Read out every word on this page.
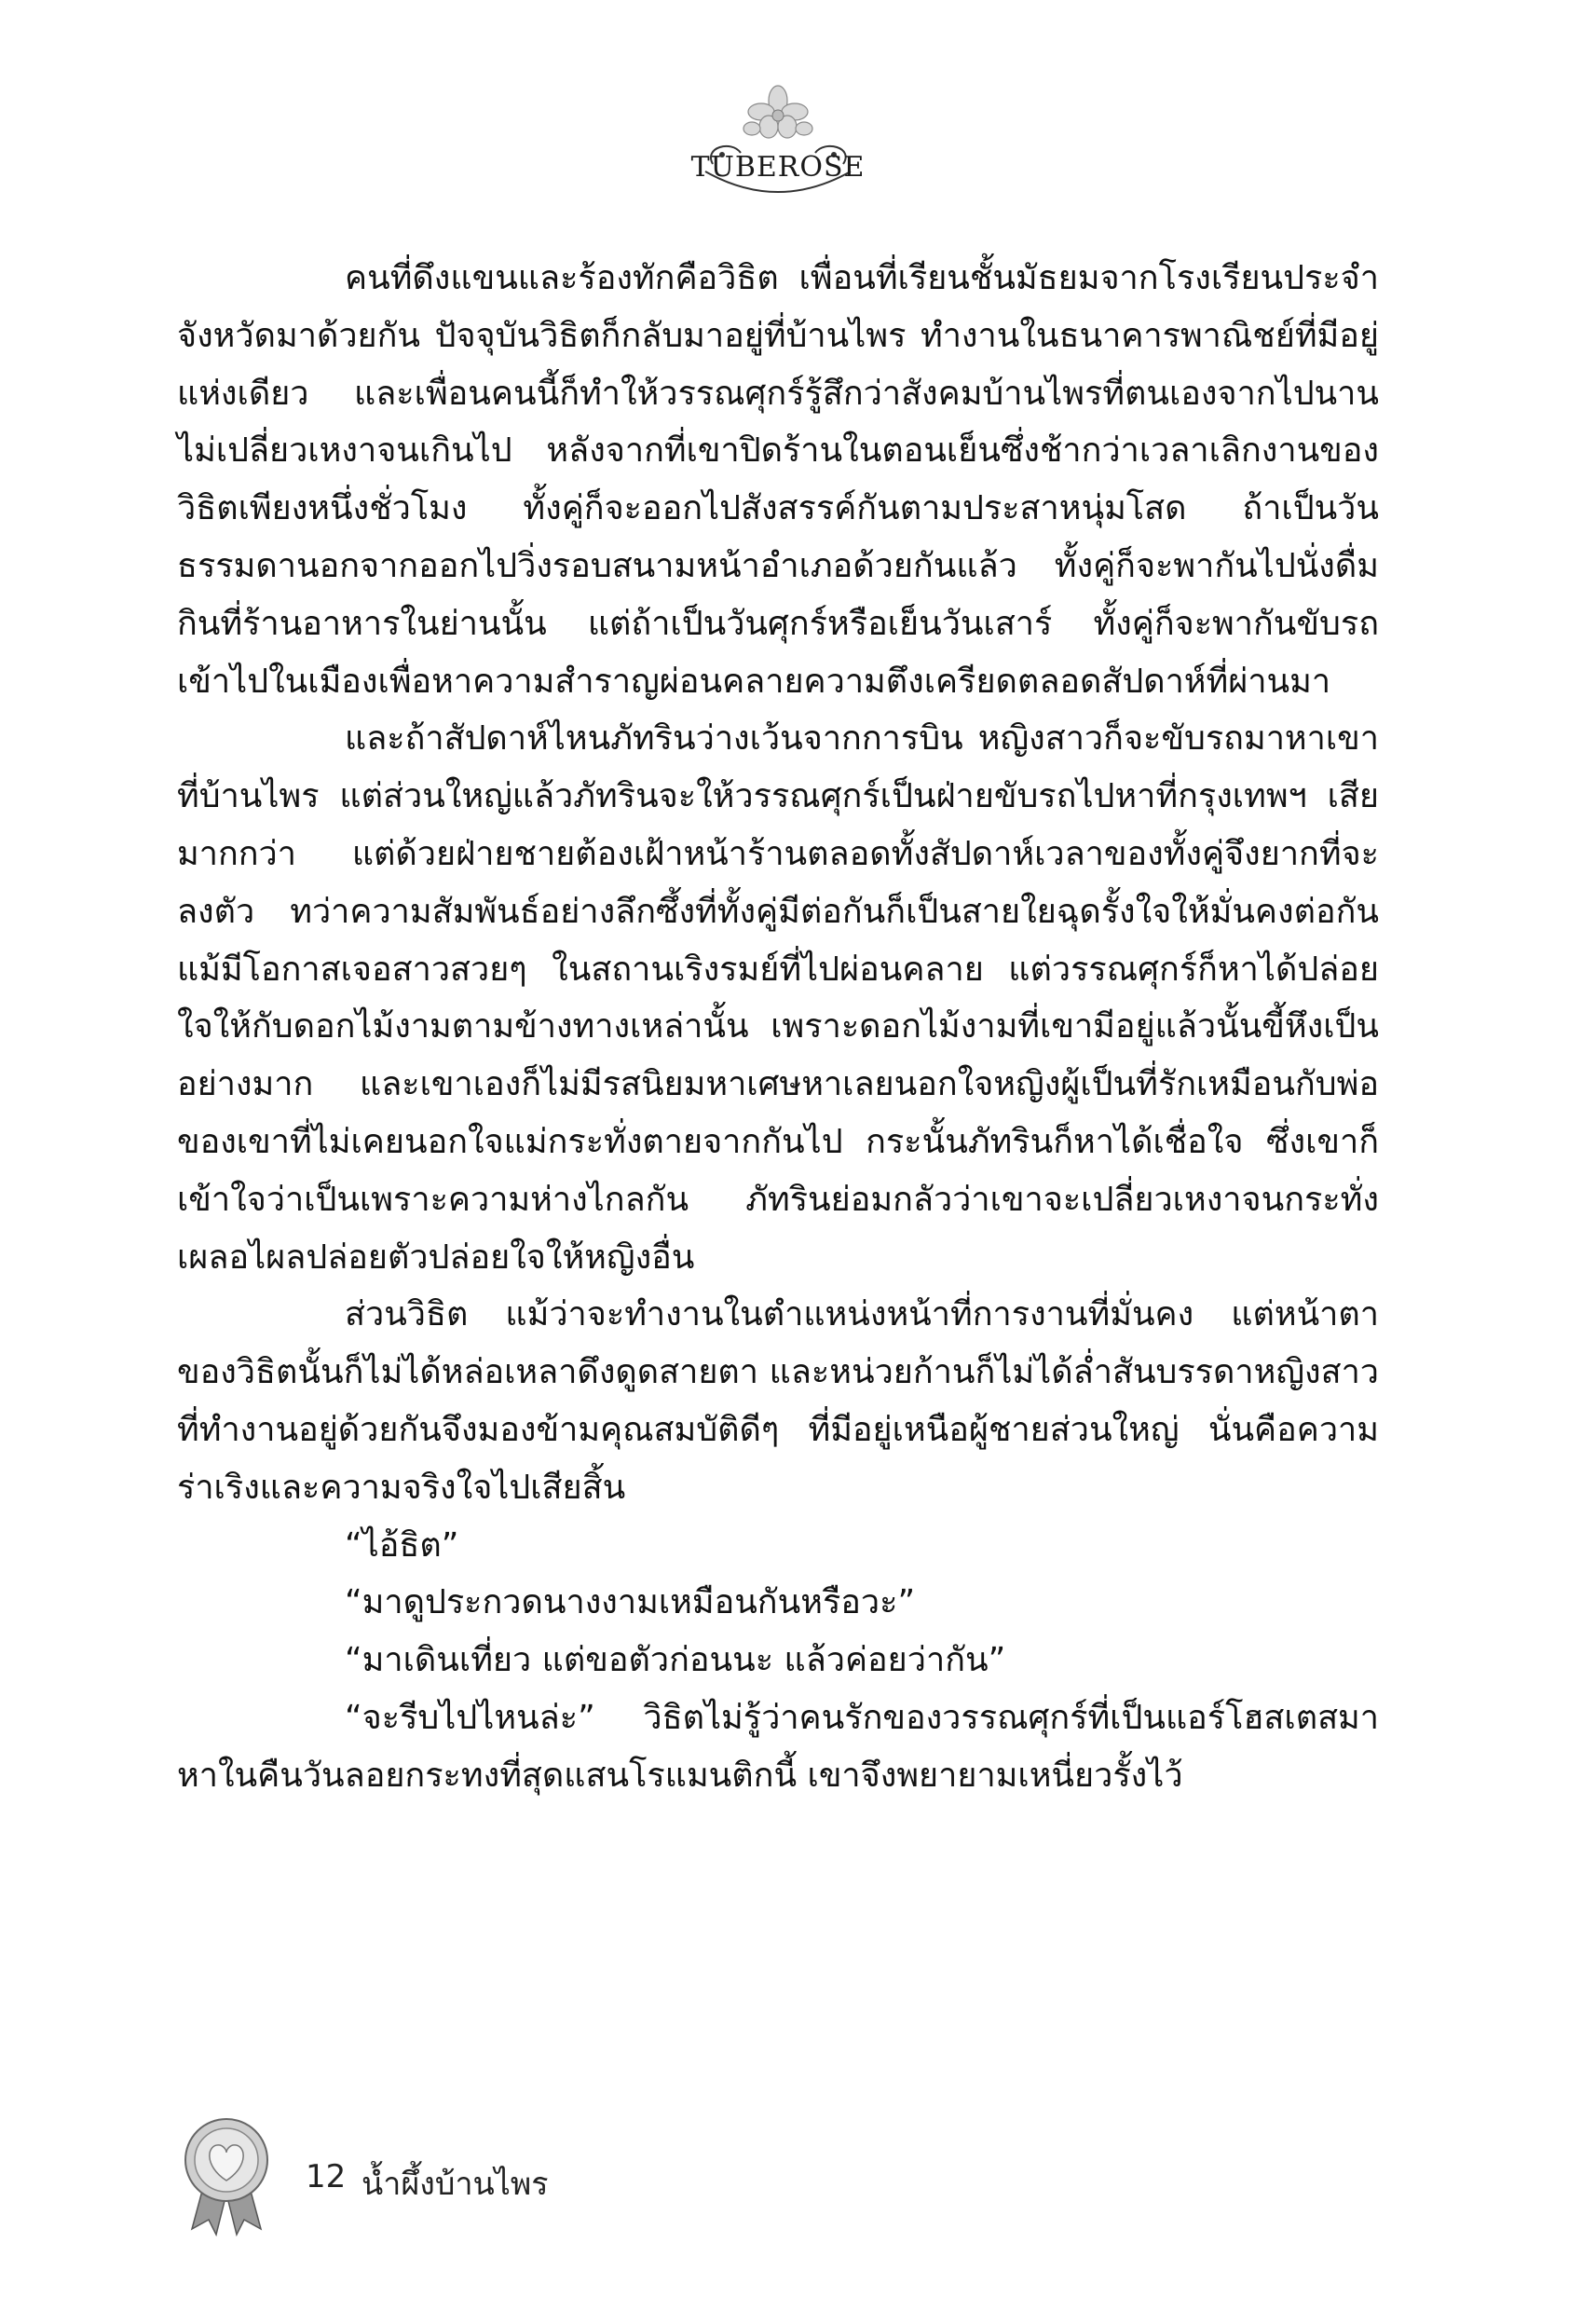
TUBEROSE

คนที่ดึงแขนและร้องทักคือวิธิต เพื่อนที่เรียนชั้นมัธยมจากโรงเรียนประจำจังหวัดมาด้วยกัน ปัจจุบันวิธิตก็กลับมาอยู่ที่บ้านไพร ทำงานในธนาคารพาณิชย์ที่มีอยู่แห่งเดียว และเพื่อนคนนี้ก็ทำให้วรรณศุกร์รู้สึกว่าสังคมบ้านไพรที่ตนเองจากไปนานไม่เปลี่ยวเหงาจนเกินไป หลังจากที่เขาปิดร้านในตอนเย็นซึ่งช้ากว่าเวลาเลิกงานของวิธิตเพียงหนึ่งชั่วโมง ทั้งคู่ก็จะออกไปสังสรรค์กันตามประสาหนุ่มโสด ถ้าเป็นวันธรรมดานอกจากออกไปวิ่งรอบสนามหน้าอำเภอด้วยกันแล้ว ทั้งคู่ก็จะพากันไปนั่งดื่มกินที่ร้านอาหารในย่านนั้น แต่ถ้าเป็นวันศุกร์หรือเย็นวันเสาร์ ทั้งคู่ก็จะพากันขับรถเข้าไปในเมืองเพื่อหาความสำราญผ่อนคลายความตึงเครียดตลอดสัปดาห์ที่ผ่านมา

และถ้าสัปดาห์ไหนภัทรินว่างเว้นจากการบิน หญิงสาวก็จะขับรถมาหาเขาที่บ้านไพร แต่ส่วนใหญ่แล้วภัทรินจะให้วรรณศุกร์เป็นฝ่ายขับรถไปหาที่กรุงเทพฯ เสียมากกว่า แต่ด้วยฝ่ายชายต้องเฝ้าหน้าร้านตลอดทั้งสัปดาห์เวลาของทั้งคู่จึงยากที่จะลงตัว ทว่าความสัมพันธ์อย่างลึกซึ้งที่ทั้งคู่มีต่อกันก็เป็นสายใยฉุดรั้งใจให้มั่นคงต่อกัน แม้มีโอกาสเจอสาวสวยๆ ในสถานเริงรมย์ที่ไปผ่อนคลาย แต่วรรณศุกร์ก็หาได้ปล่อยใจให้กับดอกไม้งามตามข้างทางเหล่านั้น เพราะดอกไม้งามที่เขามีอยู่แล้วนั้นขี้หึงเป็นอย่างมาก และเขาเองก็ไม่มีรสนิยมหาเศษหาเลยนอกใจหญิงผู้เป็นที่รักเหมือนกับพ่อของเขาที่ไม่เคยนอกใจแม่กระทั่งตายจากกันไป กระนั้นภัทรินก็หาได้เชื่อใจ ซึ่งเขาก็เข้าใจว่าเป็นเพราะความห่างไกลกัน ภัทรินย่อมกลัวว่าเขาจะเปลี่ยวเหงาจนกระทั่งเผลอไผลปล่อยตัวปล่อยใจให้หญิงอื่น

ส่วนวิธิต แม้ว่าจะทำงานในตำแหน่งหน้าที่การงานที่มั่นคง แต่หน้าตาของวิธิตนั้นก็ไม่ได้หล่อเหลาดึงดูดสายตา และหน่วยก้านก็ไม่ได้ล่ำสันบรรดาหญิงสาวที่ทำงานอยู่ด้วยกันจึงมองข้ามคุณสมบัติดีๆ ที่มีอยู่เหนือผู้ชายส่วนใหญ่ นั่นคือความร่าเริงและความจริงใจไปเสียสิ้น

“ไอ้ธิต”

“มาดูประกวดนางงามเหมือนกันหรือวะ”

“มาเดินเที่ยว แต่ขอตัวก่อนนะ แล้วค่อยว่ากัน”

“จะรีบไปไหนล่ะ” วิธิตไม่รู้ว่าคนรักของวรรณศุกร์ที่เป็นแอร์โฮสเตสมาหาในคืนวันลอยกระทงที่สุดแสนโรแมนติกนี้ เขาจึงพยายามเหนี่ยวรั้งไว้

12 น้ำผึ้งบ้านไพร
